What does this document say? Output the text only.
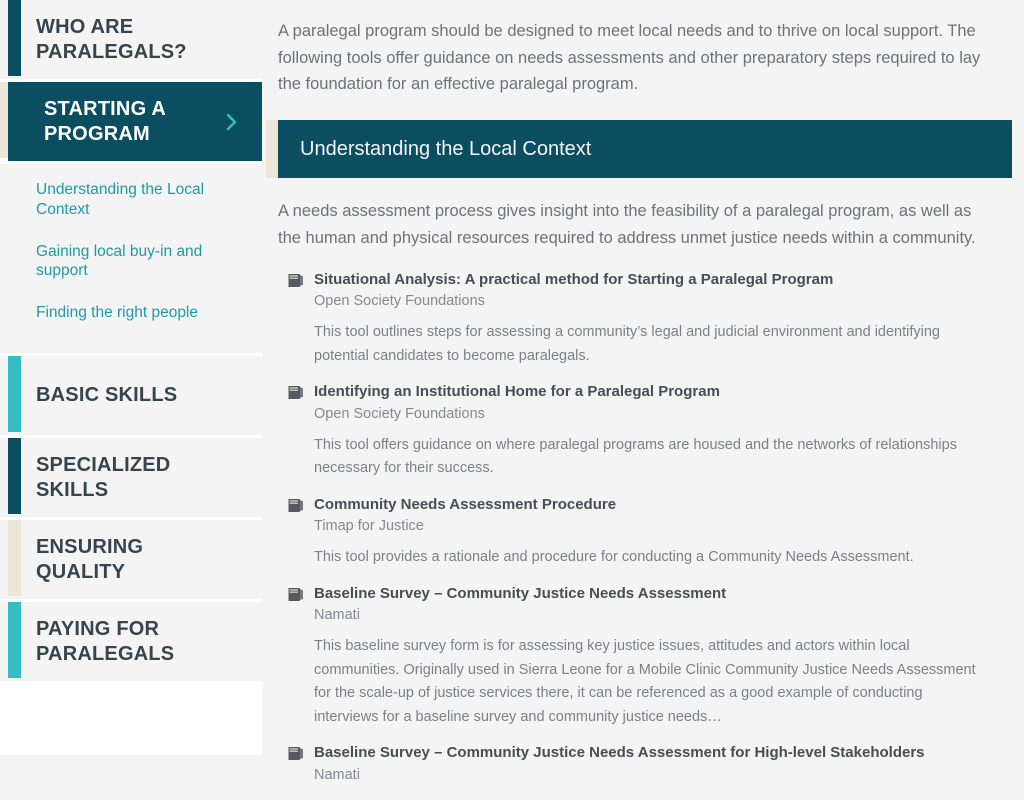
WHO ARE PARALEGALS?
STARTING A PROGRAM
Understanding the Local Context
Gaining local buy-in and support
Finding the right people
BASIC SKILLS
SPECIALIZED SKILLS
ENSURING QUALITY
PAYING FOR PARALEGALS

A paralegal program should be designed to meet local needs and to thrive on local support. The following tools offer guidance on needs assessments and other preparatory steps required to lay the foundation for an effective paralegal program.

Understanding the Local Context

A needs assessment process gives insight into the feasibility of a paralegal program, as well as the human and physical resources required to address unmet justice needs within a community.

Situational Analysis: A practical method for Starting a Paralegal Program
Open Society Foundations
This tool outlines steps for assessing a community’s legal and judicial environment and identifying potential candidates to become paralegals.
Identifying an Institutional Home for a Paralegal Program
Open Society Foundations
This tool offers guidance on where paralegal programs are housed and the networks of relationships necessary for their success.
Community Needs Assessment Procedure
Timap for Justice
This tool provides a rationale and procedure for conducting a Community Needs Assessment.
Baseline Survey – Community Justice Needs Assessment
Namati
This baseline survey form is for assessing key justice issues, attitudes and actors within local communities. Originally used in Sierra Leone for a Mobile Clinic Community Justice Needs Assessment for the scale-up of justice services there, it can be referenced as a good example of conducting interviews for a baseline survey and community justice needs…
Baseline Survey – Community Justice Needs Assessment for High-level Stakeholders
Namati
